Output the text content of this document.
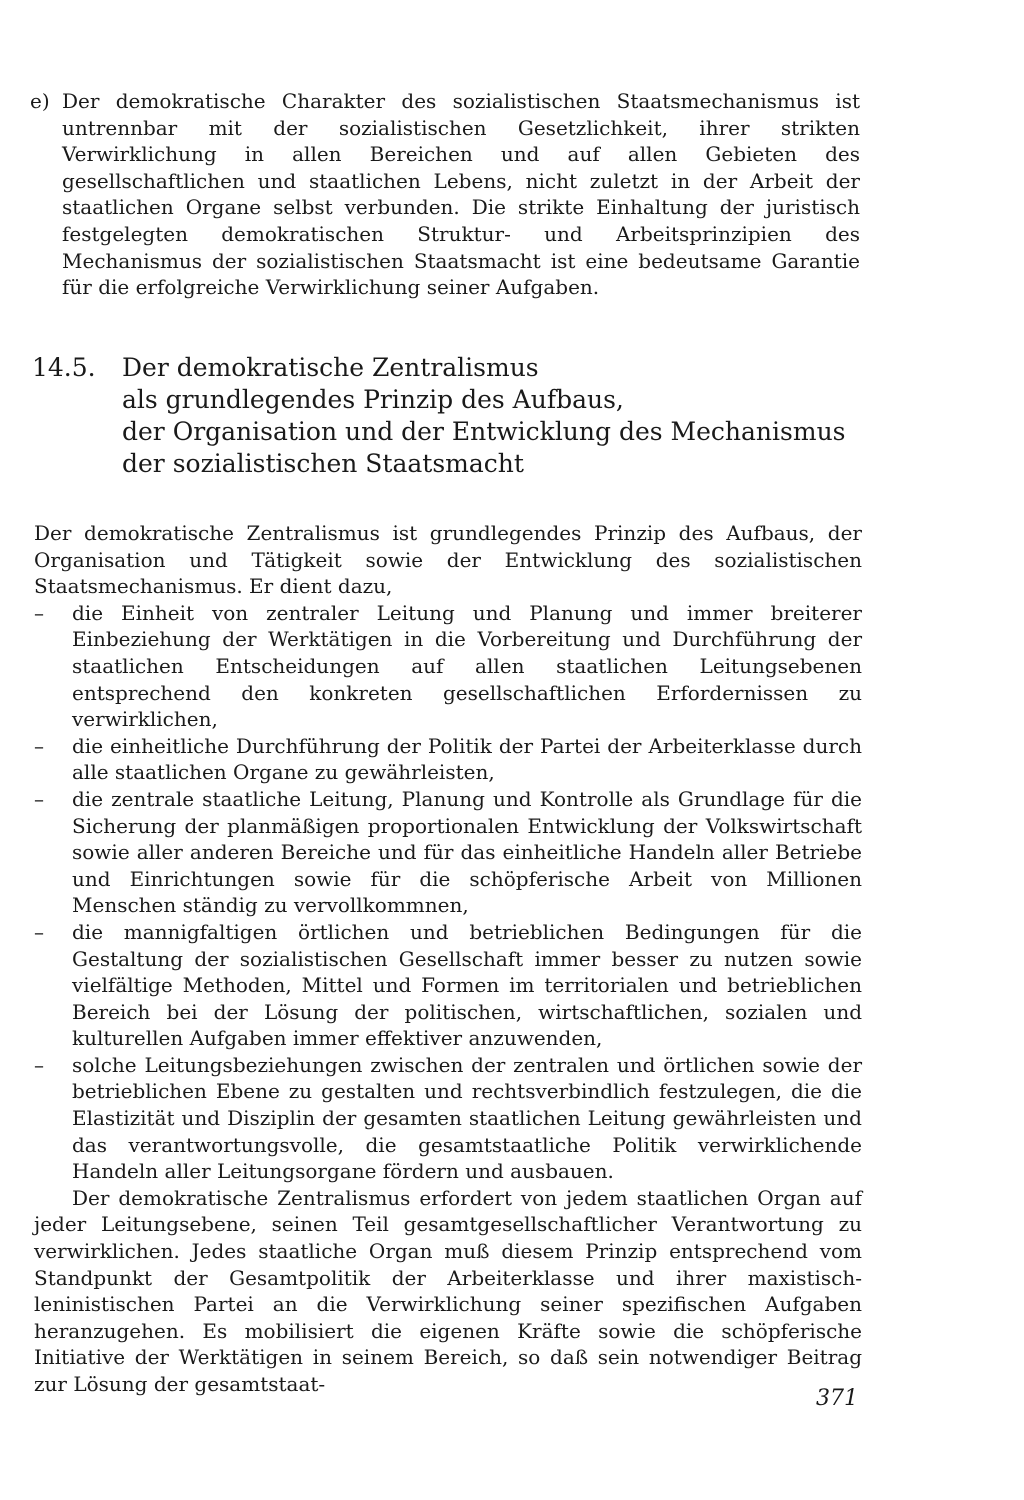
e) Der demokratische Charakter des sozialistischen Staatsmechanismus ist untrennbar mit der sozialistischen Gesetzlichkeit, ihrer strikten Verwirklichung in allen Bereichen und auf allen Gebieten des gesellschaftlichen und staatlichen Lebens, nicht zuletzt in der Arbeit der staatlichen Organe selbst verbunden. Die strikte Einhaltung der juristisch festgelegten demokratischen Struktur- und Arbeitsprinzipien des Mechanismus der sozialistischen Staatsmacht ist eine bedeutsame Garantie für die erfolgreiche Verwirklichung seiner Aufgaben.
14.5. Der demokratische Zentralismus
als grundlegendes Prinzip des Aufbaus,
der Organisation und der Entwicklung des Mechanismus
der sozialistischen Staatsmacht

Der demokratische Zentralismus ist grundlegendes Prinzip des Aufbaus, der Organisation und Tätigkeit sowie der Entwicklung des sozialistischen Staatsmechanismus. Er dient dazu,

– die Einheit von zentraler Leitung und Planung und immer breiterer Einbeziehung der Werktätigen in die Vorbereitung und Durchführung der staatlichen Entscheidungen auf allen staatlichen Leitungsebenen entsprechend den konkreten gesellschaftlichen Erfordernissen zu verwirklichen,
– die einheitliche Durchführung der Politik der Partei der Arbeiterklasse durch alle staatlichen Organe zu gewährleisten,
– die zentrale staatliche Leitung, Planung und Kontrolle als Grundlage für die Sicherung der planmäßigen proportionalen Entwicklung der Volkswirtschaft sowie aller anderen Bereiche und für das einheitliche Handeln aller Betriebe und Einrichtungen sowie für die schöpferische Arbeit von Millionen Menschen ständig zu vervollkommnen,
– die mannigfaltigen örtlichen und betrieblichen Bedingungen für die Gestaltung der sozialistischen Gesellschaft immer besser zu nutzen sowie vielfältige Methoden, Mittel und Formen im territorialen und betrieblichen Bereich bei der Lösung der politischen, wirtschaftlichen, sozialen und kulturellen Aufgaben immer effektiver anzuwenden,
– solche Leitungsbeziehungen zwischen der zentralen und örtlichen sowie der betrieblichen Ebene zu gestalten und rechtsverbindlich festzulegen, die die Elastizität und Disziplin der gesamten staatlichen Leitung gewährleisten und das verantwortungsvolle, die gesamtstaatliche Politik verwirklichende Handeln aller Leitungsorgane fördern und ausbauen.

Der demokratische Zentralismus erfordert von jedem staatlichen Organ auf jeder Leitungsebene, seinen Teil gesamtgesellschaftlicher Verantwortung zu verwirklichen. Jedes staatliche Organ muß diesem Prinzip entsprechend vom Standpunkt der Gesamtpolitik der Arbeiterklasse und ihrer maxistisch-leninistischen Partei an die Verwirklichung seiner spezifischen Aufgaben heranzugehen. Es mobilisiert die eigenen Kräfte sowie die schöpferische Initiative der Werktätigen in seinem Bereich, so daß sein notwendiger Beitrag zur Lösung der gesamtstaat-

371
